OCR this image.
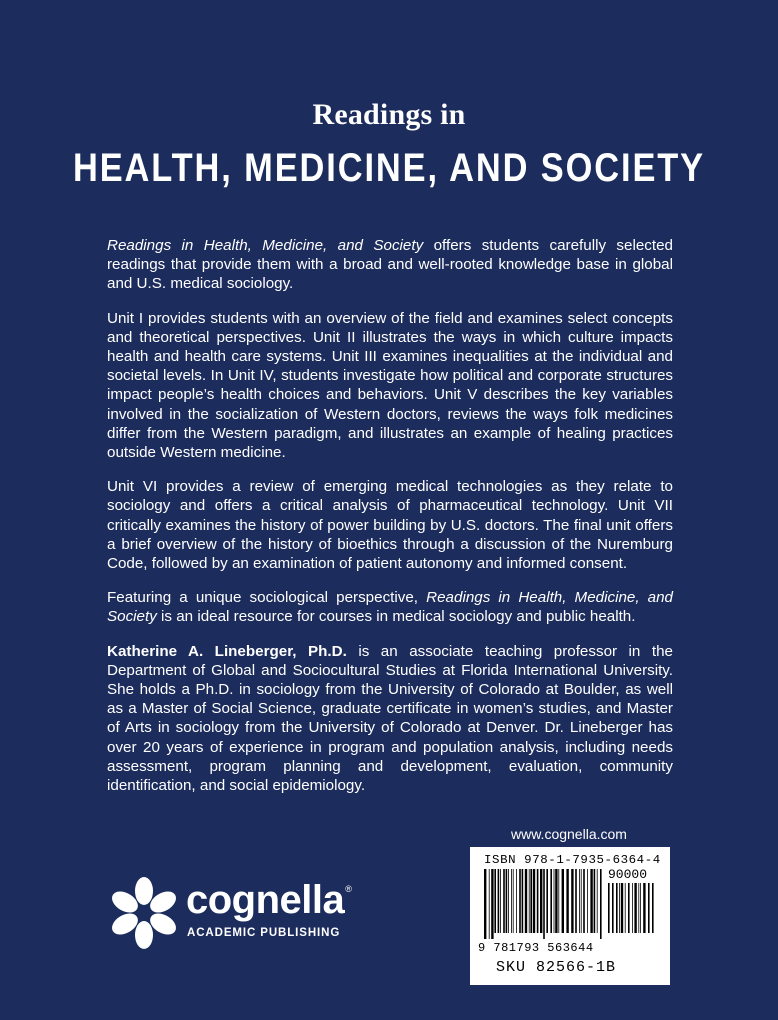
Readings in
HEALTH, MEDICINE, AND SOCIETY

Readings in Health, Medicine, and Society offers students carefully selected readings that provide them with a broad and well-rooted knowledge base in global and U.S. medical sociology.

Unit I provides students with an overview of the field and examines select concepts and theoretical perspectives. Unit II illustrates the ways in which culture impacts health and health care systems. Unit III examines inequalities at the individual and societal levels. In Unit IV, students investigate how political and corporate structures impact people’s health choices and behaviors. Unit V describes the key variables involved in the socialization of Western doctors, reviews the ways folk medicines differ from the Western paradigm, and illustrates an example of healing practices outside Western medicine.

Unit VI provides a review of emerging medical technologies as they relate to sociology and offers a critical analysis of pharmaceutical technology. Unit VII critically examines the history of power building by U.S. doctors. The final unit offers a brief overview of the history of bioethics through a discussion of the Nuremburg Code, followed by an examination of patient autonomy and informed consent.

Featuring a unique sociological perspective, Readings in Health, Medicine, and Society is an ideal resource for courses in medical sociology and public health.

Katherine A. Lineberger, Ph.D. is an associate teaching professor in the Department of Global and Sociocultural Studies at Florida International University. She holds a Ph.D. in sociology from the University of Colorado at Boulder, as well as a Master of Social Science, graduate certificate in women’s studies, and Master of Arts in sociology from the University of Colorado at Denver. Dr. Lineberger has over 20 years of experience in program and population analysis, including needs assessment, program planning and development, evaluation, community identification, and social epidemiology.

www.cognella.com
ISBN 978-1-7935-6364-4
90000
9 781793 563644
SKU 82566-1B
cognella®
ACADEMIC PUBLISHING
